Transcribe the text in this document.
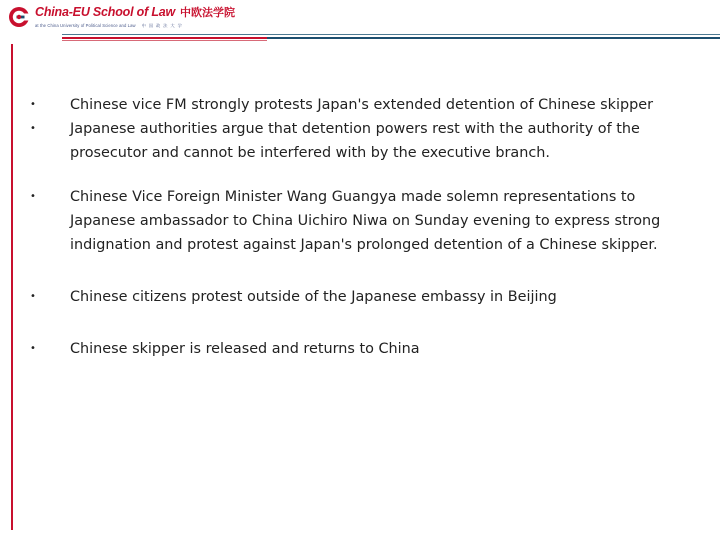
China-EU School of Law 中欧法学院
at the China University of Political Science and Law 中国政法大学
• Chinese vice FM strongly protests Japan's extended detention of Chinese skipper
• Japanese authorities argue that detention powers rest with the authority of the prosecutor and cannot be interfered with by the executive branch.
• Chinese Vice Foreign Minister Wang Guangya made solemn representations to Japanese ambassador to China Uichiro Niwa on Sunday evening to express strong indignation and protest against Japan's prolonged detention of a Chinese skipper.
• Chinese citizens protest outside of the Japanese embassy in Beijing
• Chinese skipper is released and returns to China
